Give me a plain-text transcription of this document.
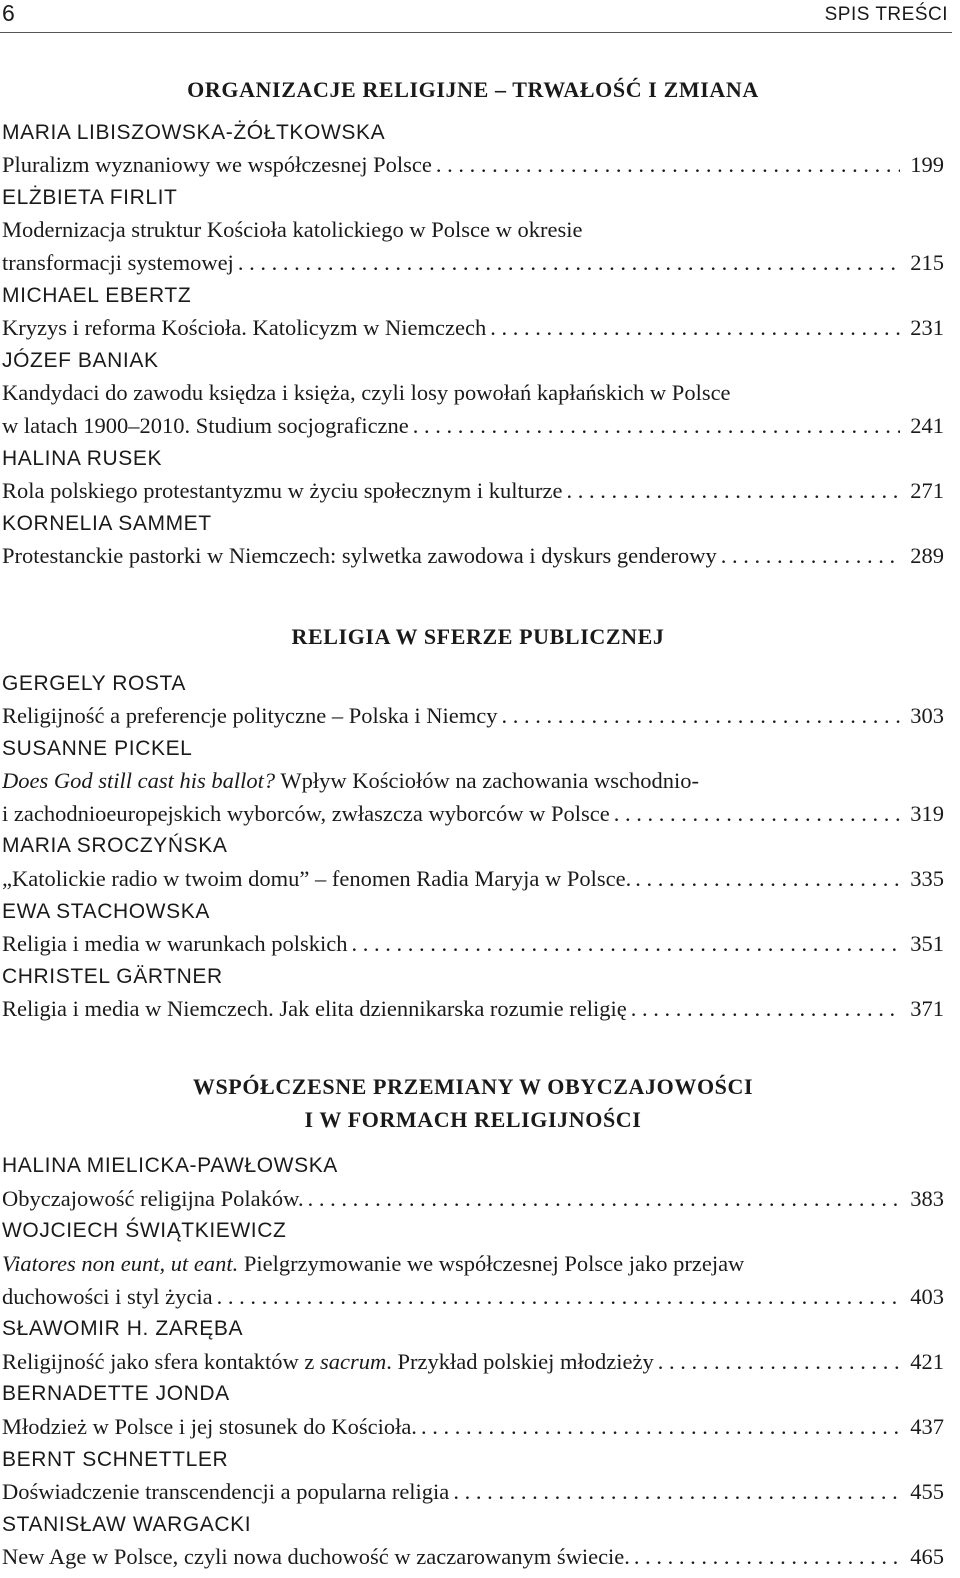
6	SPIS TREŚCI
ORGANIZACJE RELIGIJNE – TRWAŁOŚĆ I ZMIANA
MARIA LIBISZOWSKA-ŻÓŁTKOWSKA
Pluralizm wyznaniowy we współczesnej Polsce . . .	199
ELŻBIETA FIRLIT
Modernizacja struktur Kościoła katolickiego w Polsce w okresie
transformacji systemowej . . .	215
MICHAEL EBERTZ
Kryzys i reforma Kościoła. Katolicyzm w Niemczech . . .	231
JÓZEF BANIAK
Kandydaci do zawodu księdza i księża, czyli losy powołań kapłańskich w Polsce
w latach 1900–2010. Studium socjograficzne . . .	241
HALINA RUSEK
Rola polskiego protestantyzmu w życiu społecznym i kulturze . . .	271
KORNELIA SAMMET
Protestanckie pastorki w Niemczech: sylwetka zawodowa i dyskurs genderowy . . .	289
RELIGIA W SFERZE PUBLICZNEJ
GERGELY ROSTA
Religijność a preferencje polityczne – Polska i Niemcy . . .	303
SUSANNE PICKEL
Does God still cast his ballot? Wpływ Kościołów na zachowania wschodnio-
i zachodnioeuropejskich wyborców, zwłaszcza wyborców w Polsce . . .	319
MARIA SROCZYŃSKA
„Katolickie radio w twoim domu” – fenomen Radia Maryja w Polsce. . . .	335
EWA STACHOWSKA
Religia i media w warunkach polskich . . .	351
CHRISTEL GÄRTNER
Religia i media w Niemczech. Jak elita dziennikarska rozumie religię . . .	371
WSPÓŁCZESNE PRZEMIANY W OBYCZAJOWOŚCI
I W FORMACH RELIGIJNOŚCI
HALINA MIELICKA-PAWŁOWSKA
Obyczajowość religijna Polaków. . . .	383
WOJCIECH ŚWIĄTKIEWICZ
Viatores non eunt, ut eant. Pielgrzymowanie we współczesnej Polsce jako przejaw
duchowości i styl życia . . .	403
SŁAWOMIR H. ZARĘBA
Religijność jako sfera kontaktów z sacrum. Przykład polskiej młodzieży . . .	421
BERNADETTE JONDA
Młodzież w Polsce i jej stosunek do Kościoła. . . .	437
BERNT SCHNETTLER
Doświadczenie transcendencji a popularna religia . . .	455
STANISŁAW WARGACKI
New Age w Polsce, czyli nowa duchowość w zaczarowanym świecie. . . .	465
